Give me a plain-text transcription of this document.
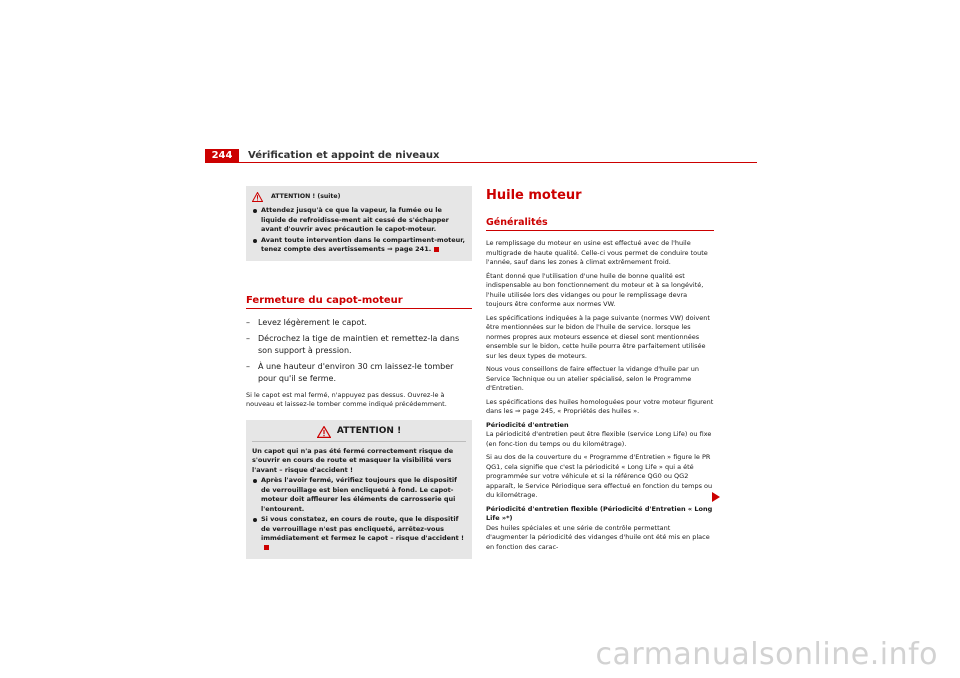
244	Vérification et appoint de niveaux
ATTENTION ! (suite)
Attendez jusqu'à ce que la vapeur, la fumée ou le liquide de refroidisse-ment ait cessé de s'échapper avant d'ouvrir avec précaution le capot-moteur.
Avant toute intervention dans le compartiment-moteur, tenez compte des avertissements ⇒ page 241.
Fermeture du capot-moteur
– Levez légèrement le capot.
– Décrochez la tige de maintien et remettez-la dans son support à pression.
– À une hauteur d'environ 30 cm laissez-le tomber pour qu'il se ferme.
Si le capot est mal fermé, n'appuyez pas dessus. Ouvrez-le à nouveau et laissez-le tomber comme indiqué précédemment.
ATTENTION !
Un capot qui n'a pas été fermé correctement risque de s'ouvrir en cours de route et masquer la visibilité vers l'avant – risque d'accident !
Après l'avoir fermé, vérifiez toujours que le dispositif de verrouillage est bien encliqueté à fond. Le capot-moteur doit affleurer les éléments de carrosserie qui l'entourent.
Si vous constatez, en cours de route, que le dispositif de verrouillage n'est pas encliqueté, arrêtez-vous immédiatement et fermez le capot – risque d'accident !
Huile moteur
Généralités

Le remplissage du moteur en usine est effectué avec de l'huile multigrade de haute qualité. Celle-ci vous permet de conduire toute l'année, sauf dans les zones à climat extrêmement froid.

Étant donné que l'utilisation d'une huile de bonne qualité est indispensable au bon fonctionnement du moteur et à sa longévité, l'huile utilisée lors des vidanges ou pour le remplissage devra toujours être conforme aux normes VW.

Les spécifications indiquées à la page suivante (normes VW) doivent être mentionnées sur le bidon de l'huile de service. lorsque les normes propres aux moteurs essence et diesel sont mentionnées ensemble sur le bidon, cette huile pourra être parfaitement utilisée sur les deux types de moteurs.

Nous vous conseillons de faire effectuer la vidange d'huile par un Service Technique ou un atelier spécialisé, selon le Programme d'Entretien.

Les spécifications des huiles homologuées pour votre moteur figurent dans les ⇒ page 245, « Propriétés des huiles ».

Périodicité d'entretien

La périodicité d'entretien peut être flexible (service Long Life) ou fixe (en fonc-tion du temps ou du kilométrage).

Si au dos de la couverture du « Programme d'Entretien » figure le PR QG1, cela signifie que c'est la périodicité « Long Life » qui a été programmée sur votre véhicule et si la référence QG0 ou QG2 apparaît, le Service Périodique sera effectué en fonction du temps ou du kilométrage.

Périodicité d'entretien flexible (Périodicité d'Entretien « Long Life »*)

Des huiles spéciales et une série de contrôle permettant d'augmenter la périodicité des vidanges d'huile ont été mis en place en fonction des carac-

carmanualsonline.info
